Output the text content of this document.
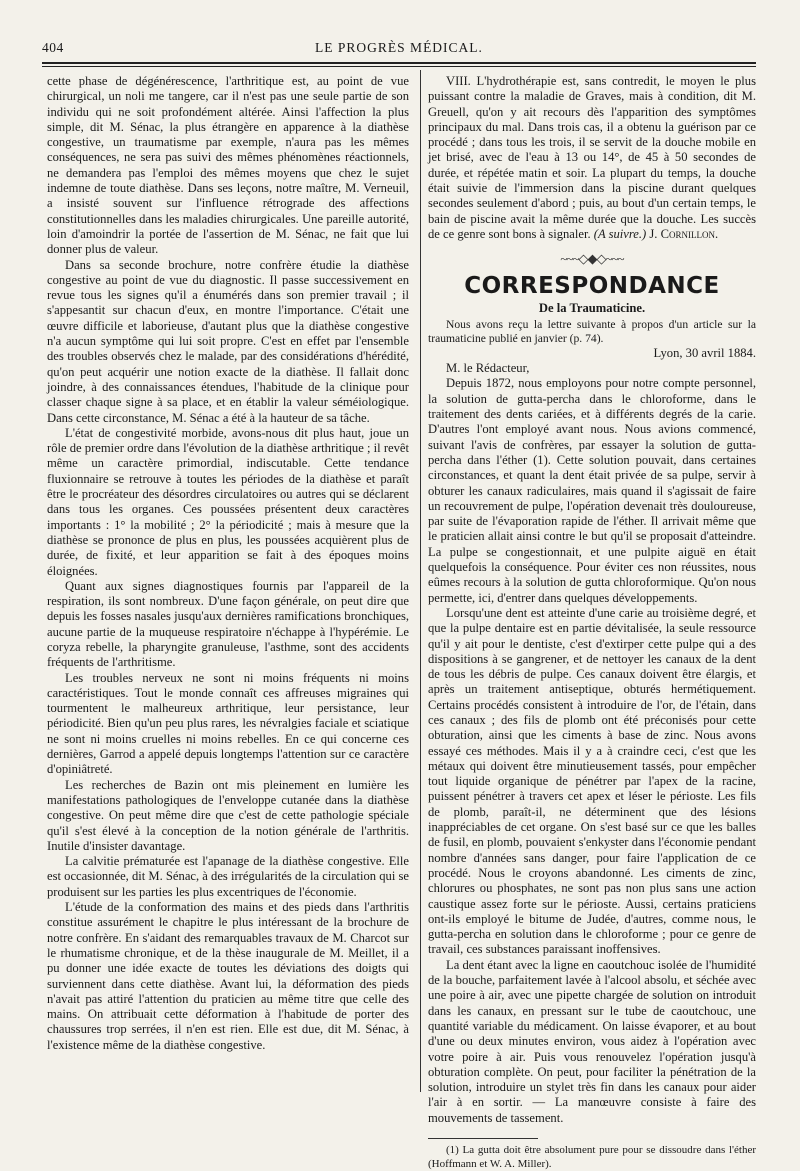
404	LE PROGRÈS MÉDICAL.

cette phase de dégénérescence, l'arthritique est, au point de vue chirurgical, un noli me tangere, car il n'est pas une seule partie de son individu qui ne soit profondément altérée. Ainsi l'affection la plus simple, dit M. Sénac, la plus étrangère en apparence à la diathèse congestive, un traumatisme par exemple, n'aura pas les mêmes conséquences, ne sera pas suivi des mêmes phénomènes réactionnels, ne demandera pas l'emploi des mêmes moyens que chez le sujet indemne de toute diathèse. Dans ses leçons, notre maître, M. Verneuil, a insisté souvent sur l'influence rétrograde des affections constitutionnelles dans les maladies chirurgicales. Une pareille autorité, loin d'amoindrir la portée de l'assertion de M. Sénac, ne fait que lui donner plus de valeur.

Dans sa seconde brochure, notre confrère étudie la diathèse congestive au point de vue du diagnostic. Il passe successivement en revue tous les signes qu'il a énumérés dans son premier travail ; il s'appesantit sur chacun d'eux, en montre l'importance. C'était une œuvre difficile et laborieuse, d'autant plus que la diathèse congestive n'a aucun symptôme qui lui soit propre. C'est en effet par l'ensemble des troubles observés chez le malade, par des considérations d'hérédité, qu'on peut acquérir une notion exacte de la diathèse. Il fallait donc joindre, à des connaissances étendues, l'habitude de la clinique pour classer chaque signe à sa place, et en établir la valeur séméiologique. Dans cette circonstance, M. Sénac a été à la hauteur de sa tâche.

L'état de congestivité morbide, avons-nous dit plus haut, joue un rôle de premier ordre dans l'évolution de la diathèse arthritique ; il revêt même un caractère primordial, indiscutable. Cette tendance fluxionnaire se retrouve à toutes les périodes de la diathèse et paraît être le procréateur des désordres circulatoires ou autres qui se déclarent dans tous les organes. Ces poussées présentent deux caractères importants : 1° la mobilité ; 2° la périodicité ; mais à mesure que la diathèse se prononce de plus en plus, les poussées acquièrent plus de durée, de fixité, et leur apparition se fait à des époques moins éloignées.

Quant aux signes diagnostiques fournis par l'appareil de la respiration, ils sont nombreux. D'une façon générale, on peut dire que depuis les fosses nasales jusqu'aux dernières ramifications bronchiques, aucune partie de la muqueuse respiratoire n'échappe à l'hypérémie. Le coryza rebelle, la pharyngite granuleuse, l'asthme, sont des accidents fréquents de l'arthritisme.

Les troubles nerveux ne sont ni moins fréquents ni moins caractéristiques. Tout le monde connaît ces affreuses migraines qui tourmentent le malheureux arthritique, leur persistance, leur périodicité. Bien qu'un peu plus rares, les névralgies faciale et sciatique ne sont ni moins cruelles ni moins rebelles. En ce qui concerne ces dernières, Garrod a appelé depuis longtemps l'attention sur ce caractère d'opiniâtreté.

Les recherches de Bazin ont mis pleinement en lumière les manifestations pathologiques de l'enveloppe cutanée dans la diathèse congestive. On peut même dire que c'est de cette pathologie spéciale qu'il s'est élevé à la conception de la notion générale de l'arthritis. Inutile d'insister davantage.

La calvitie prématurée est l'apanage de la diathèse congestive. Elle est occasionnée, dit M. Sénac, à des irrégularités de la circulation qui se produisent sur les parties les plus excentriques de l'économie.

L'étude de la conformation des mains et des pieds dans l'arthritis constitue assurément le chapitre le plus intéressant de la brochure de notre confrère. En s'aidant des remarquables travaux de M. Charcot sur le rhumatisme chronique, et de la thèse inaugurale de M. Meillet, il a pu donner une idée exacte de toutes les déviations des doigts qui surviennent dans cette diathèse. Avant lui, la déformation des pieds n'avait pas attiré l'attention du praticien au même titre que celle des mains. On attribuait cette déformation à l'habitude de porter des chaussures trop serrées, il n'en est rien. Elle est due, dit M. Sénac, à l'existence même de la diathèse congestive.

VIII. L'hydrothérapie est, sans contredit, le moyen le plus puissant contre la maladie de Graves, mais à condition, dit M. Greuell, qu'on y ait recours dès l'apparition des symptômes principaux du mal. Dans trois cas, il a obtenu la guérison par ce procédé ; dans tous les trois, il se servit de la douche mobile en jet brisé, avec de l'eau à 13 ou 14°, de 45 à 50 secondes de durée, et répétée matin et soir. La plupart du temps, la douche était suivie de l'immersion dans la piscine durant quelques secondes seulement d'abord ; puis, au bout d'un certain temps, le bain de piscine avait la même durée que la douche. Les succès de ce genre sont bons à signaler. (A suivre.) J. Cornillon.

~~~◇◆◇~~~
CORRESPONDANCE
De la Traumaticine.

Nous avons reçu la lettre suivante à propos d'un article sur la traumaticine publié en janvier (p. 74).

Lyon, 30 avril 1884.

M. le Rédacteur,

Depuis 1872, nous employons pour notre compte personnel, la solution de gutta-percha dans le chloroforme, dans le traitement des dents cariées, et à différents degrés de la carie. D'autres l'ont employé avant nous. Nous avions commencé, suivant l'avis de confrères, par essayer la solution de gutta-percha dans l'éther (1). Cette solution pouvait, dans certaines circonstances, et quant la dent était privée de sa pulpe, servir à obturer les canaux radiculaires, mais quand il s'agissait de faire un recouvrement de pulpe, l'opération devenait très douloureuse, par suite de l'évaporation rapide de l'éther. Il arrivait même que le praticien allait ainsi contre le but qu'il se proposait d'atteindre. La pulpe se congestionnait, et une pulpite aiguë en était quelquefois la conséquence. Pour éviter ces non réussites, nous eûmes recours à la solution de gutta chloroformique. Qu'on nous permette, ici, d'entrer dans quelques développements.

Lorsqu'une dent est atteinte d'une carie au troisième degré, et que la pulpe dentaire est en partie dévitalisée, la seule ressource qu'il y ait pour le dentiste, c'est d'extirper cette pulpe qui a des dispositions à se gangrener, et de nettoyer les canaux de la dent de tous les débris de pulpe. Ces canaux doivent être élargis, et après un traitement antiseptique, obturés hermétiquement. Certains procédés consistent à introduire de l'or, de l'étain, dans ces canaux ; des fils de plomb ont été préconisés pour cette obturation, ainsi que les ciments à base de zinc. Nous avons essayé ces méthodes. Mais il y a à craindre ceci, c'est que les métaux qui doivent être minutieusement tassés, pour empêcher tout liquide organique de pénétrer par l'apex de la racine, puissent pénétrer à travers cet apex et léser le périoste. Les fils de plomb, paraît-il, ne déterminent que des lésions inappréciables de cet organe. On s'est basé sur ce que les balles de fusil, en plomb, pouvaient s'enkyster dans l'économie pendant nombre d'années sans danger, pour faire l'application de ce procédé. Nous le croyons abandonné. Les ciments de zinc, chlorures ou phosphates, ne sont pas non plus sans une action caustique assez forte sur le périoste. Aussi, certains praticiens ont-ils employé le bitume de Judée, d'autres, comme nous, le gutta-percha en solution dans le chloroforme ; pour ce genre de travail, ces substances paraissant inoffensives.

La dent étant avec la ligne en caoutchouc isolée de l'humidité de la bouche, parfaitement lavée à l'alcool absolu, et séchée avec une poire à air, avec une pipette chargée de solution on introduit dans les canaux, en pressant sur le tube de caoutchouc, une quantité variable du médicament. On laisse évaporer, et au bout d'une ou deux minutes environ, vous aidez à l'opération avec votre poire à air. Puis vous renouvelez l'opération jusqu'à obturation complète. On peut, pour faciliter la pénétration de la solution, introduire un stylet très fin dans les canaux pour aider l'air à en sortir. — La manœuvre consiste à faire des mouvements de tassement.

(1) La gutta doit être absolument pure pour se dissoudre dans l'éther (Hoffmann et W. A. Miller).
